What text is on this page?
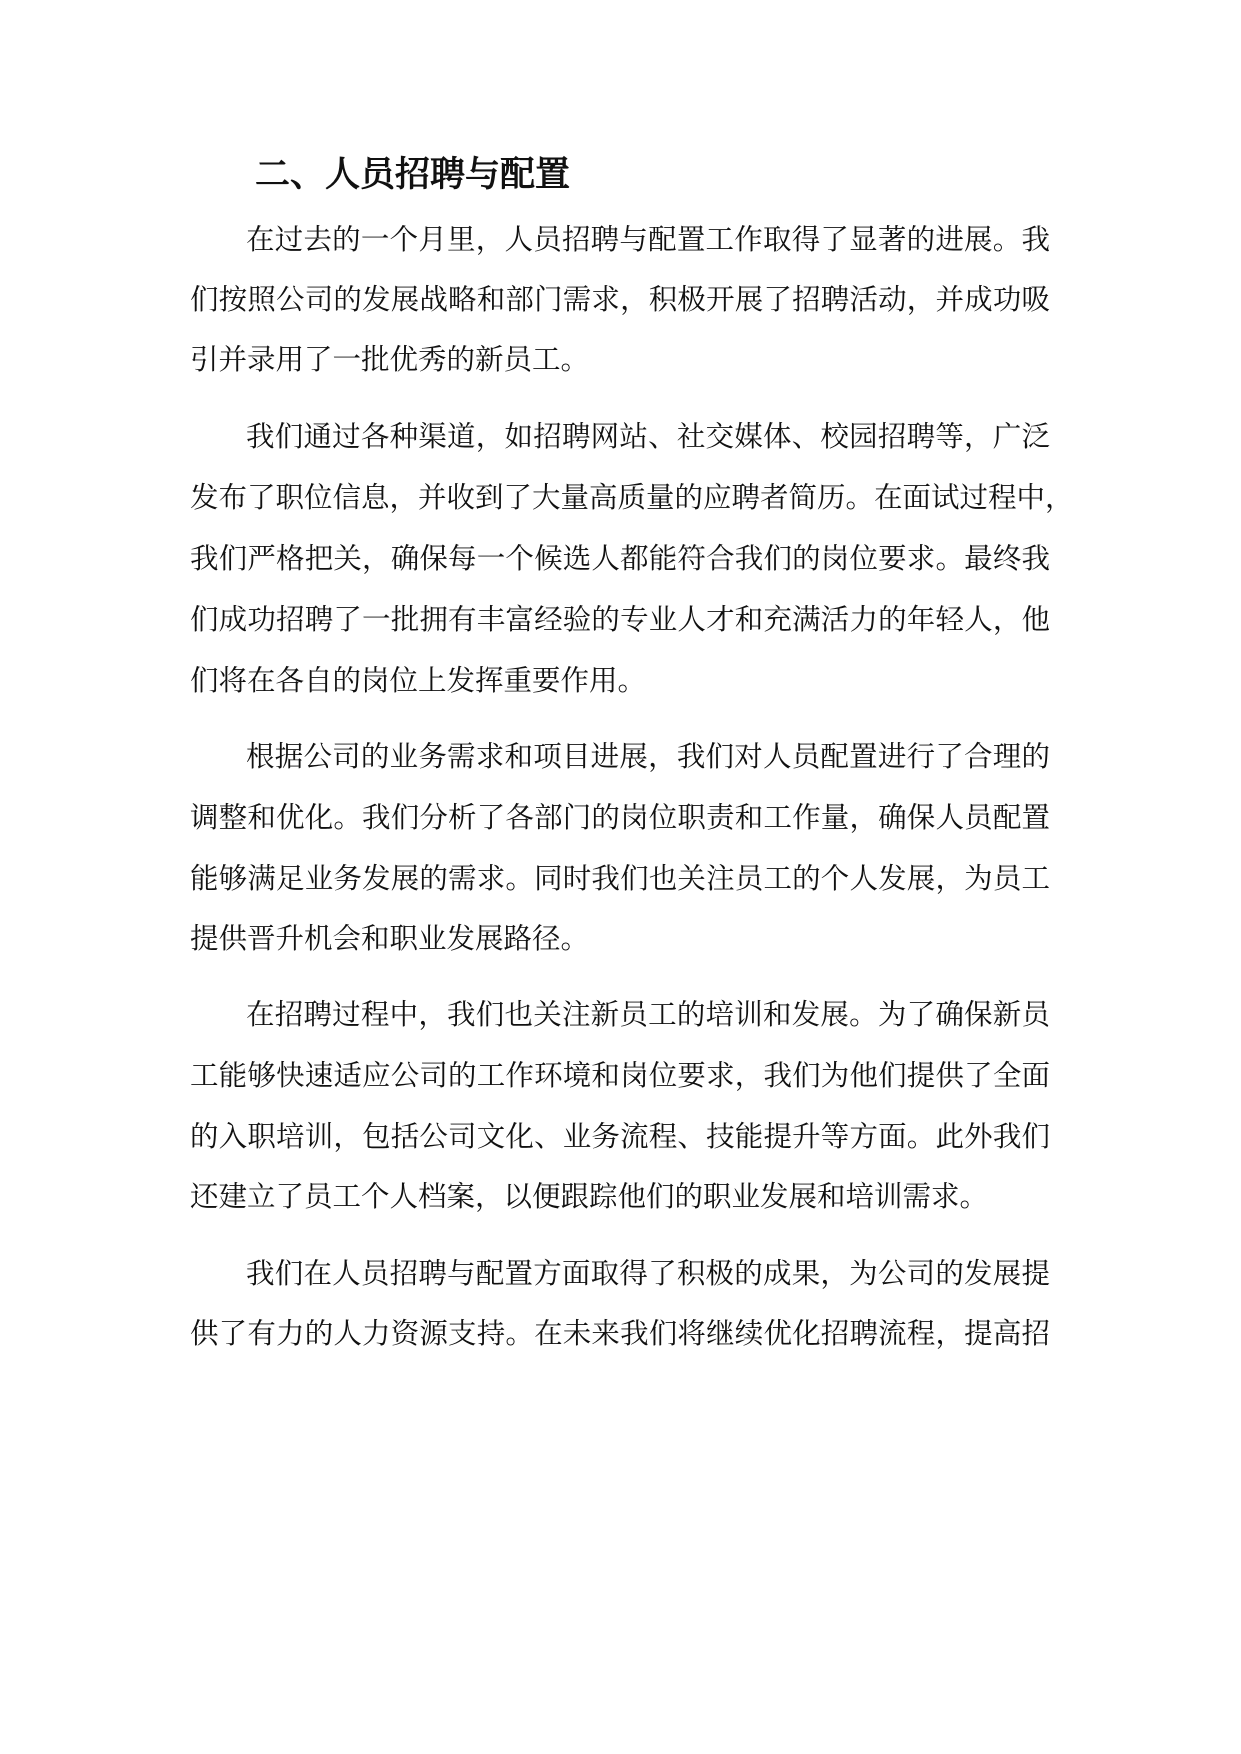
二、人员招聘与配置

在过去的一个月里，人员招聘与配置工作取得了显著的进展。我

们按照公司的发展战略和部门需求，积极开展了招聘活动，并成功吸

引并录用了一批优秀的新员工。

我们通过各种渠道，如招聘网站、社交媒体、校园招聘等，广泛

发布了职位信息，并收到了大量高质量的应聘者简历。在面试过程中，

我们严格把关，确保每一个候选人都能符合我们的岗位要求。最终我

们成功招聘了一批拥有丰富经验的专业人才和充满活力的年轻人，他

们将在各自的岗位上发挥重要作用。

根据公司的业务需求和项目进展，我们对人员配置进行了合理的

调整和优化。我们分析了各部门的岗位职责和工作量，确保人员配置

能够满足业务发展的需求。同时我们也关注员工的个人发展，为员工

提供晋升机会和职业发展路径。

在招聘过程中，我们也关注新员工的培训和发展。为了确保新员

工能够快速适应公司的工作环境和岗位要求，我们为他们提供了全面

的入职培训，包括公司文化、业务流程、技能提升等方面。此外我们

还建立了员工个人档案，以便跟踪他们的职业发展和培训需求。

我们在人员招聘与配置方面取得了积极的成果，为公司的发展提

供了有力的人力资源支持。在未来我们将继续优化招聘流程，提高招
